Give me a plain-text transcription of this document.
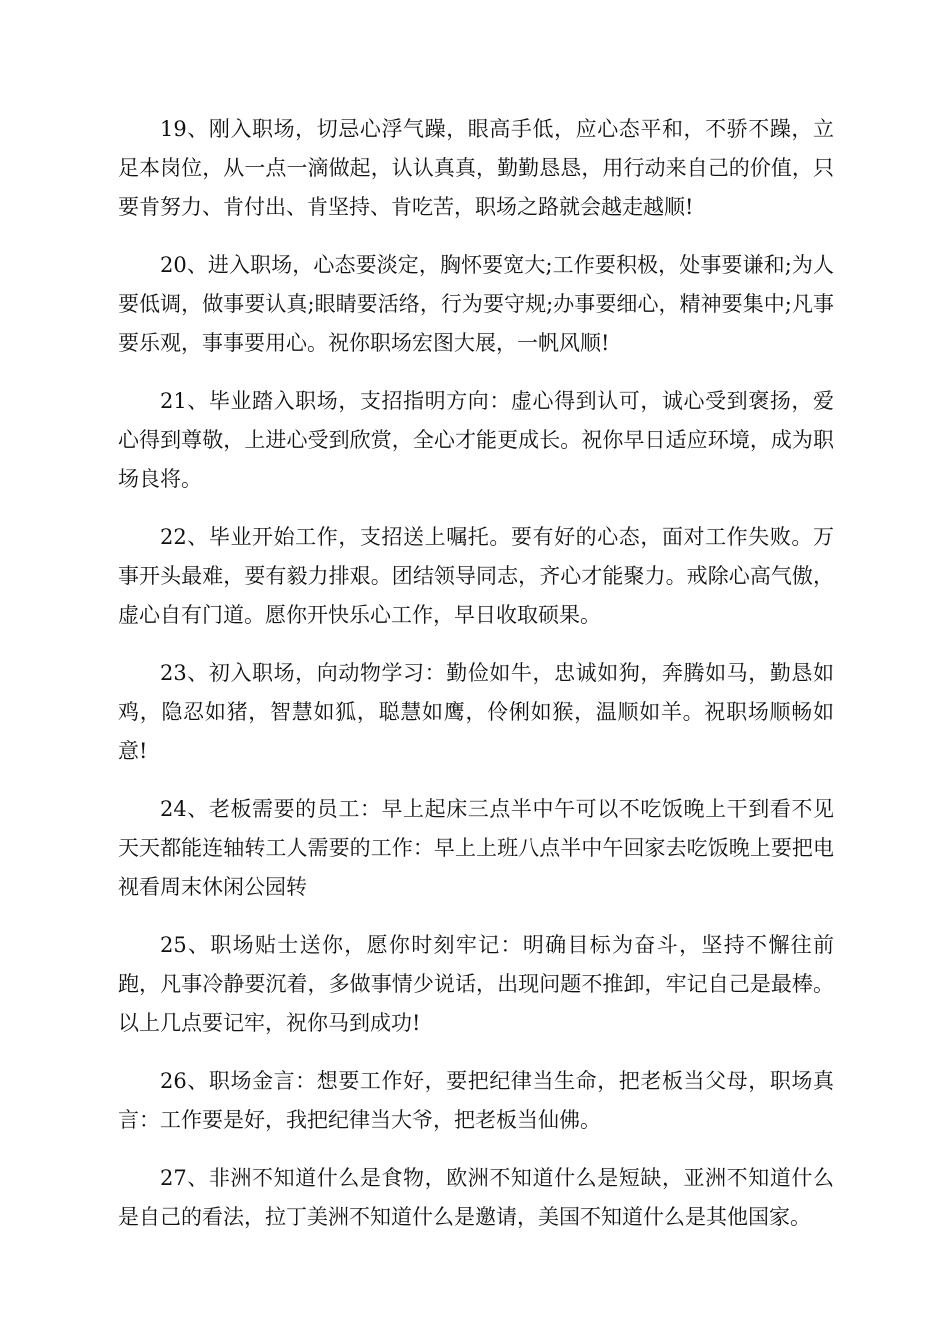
19、刚入职场，切忌心浮气躁，眼高手低，应心态平和，不骄不躁，立足本岗位，从一点一滴做起，认认真真，勤勤恳恳，用行动来自己的价值，只要肯努力、肯付出、肯坚持、肯吃苦，职场之路就会越走越顺!

20、进入职场，心态要淡定，胸怀要宽大;工作要积极，处事要谦和;为人要低调，做事要认真;眼睛要活络，行为要守规;办事要细心，精神要集中;凡事要乐观，事事要用心。祝你职场宏图大展，一帆风顺!

21、毕业踏入职场，支招指明方向：虚心得到认可，诚心受到褒扬，爱心得到尊敬，上进心受到欣赏，全心才能更成长。祝你早日适应环境，成为职场良将。

22、毕业开始工作，支招送上嘱托。要有好的心态，面对工作失败。万事开头最难，要有毅力排艰。团结领导同志，齐心才能聚力。戒除心高气傲，虚心自有门道。愿你开快乐心工作，早日收取硕果。

23、初入职场，向动物学习：勤俭如牛，忠诚如狗，奔腾如马，勤恳如鸡，隐忍如猪，智慧如狐，聪慧如鹰，伶俐如猴，温顺如羊。祝职场顺畅如意!

24、老板需要的员工：早上起床三点半中午可以不吃饭晚上干到看不见天天都能连轴转工人需要的工作：早上上班八点半中午回家去吃饭晚上要把电视看周末休闲公园转

25、职场贴士送你，愿你时刻牢记：明确目标为奋斗，坚持不懈往前跑，凡事冷静要沉着，多做事情少说话，出现问题不推卸，牢记自己是最棒。以上几点要记牢，祝你马到成功!

26、职场金言：想要工作好，要把纪律当生命，把老板当父母，职场真言：工作要是好，我把纪律当大爷，把老板当仙佛。

27、非洲不知道什么是食物，欧洲不知道什么是短缺，亚洲不知道什么是自己的看法，拉丁美洲不知道什么是邀请，美国不知道什么是其他国家。
